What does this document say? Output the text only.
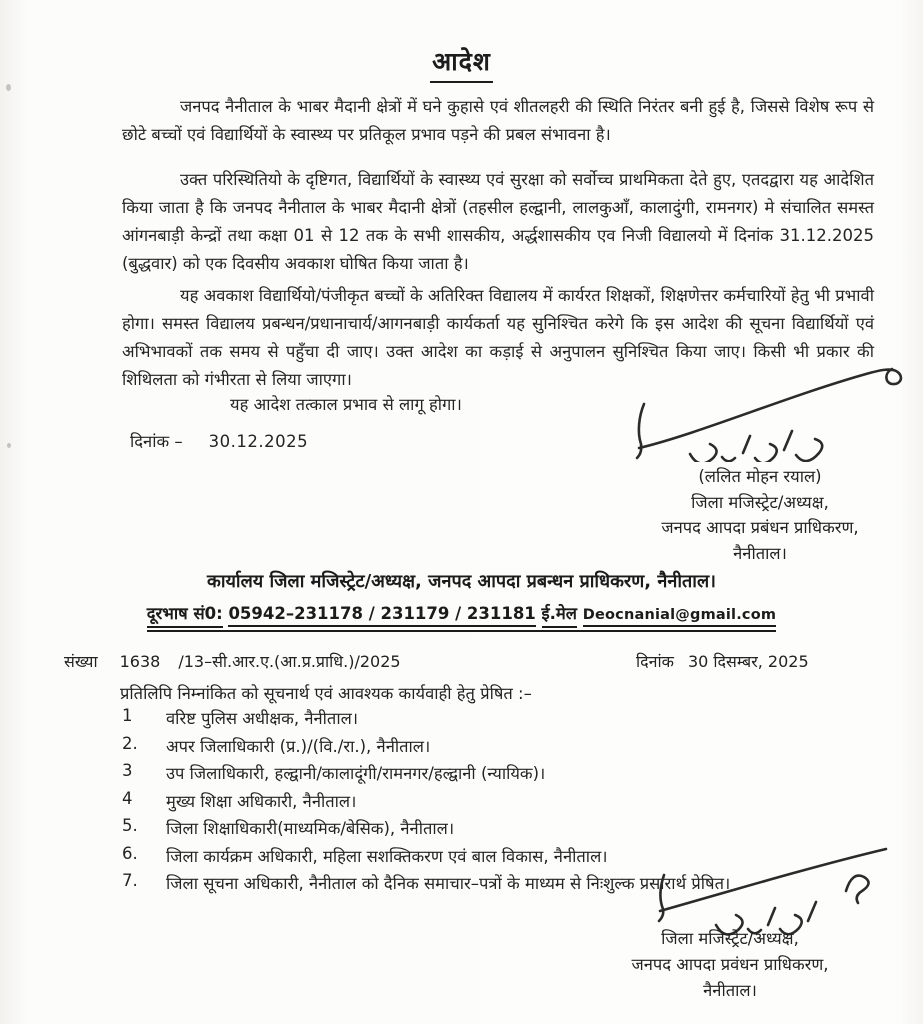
आदेश
जनपद नैनीताल के भाबर मैदानी क्षेत्रों में घने कुहासे एवं शीतलहरी की स्थिति निरंतर बनी हुई है, जिससे विशेष रूप से छोटे बच्चों एवं विद्यार्थियों के स्वास्थ्य पर प्रतिकूल प्रभाव पड़ने की प्रबल संभावना है।
उक्त परिस्थितियो के दृष्टिगत, विद्यार्थियों के स्वास्थ्य एवं सुरक्षा को सर्वोच्च प्राथमिकता देते हुए, एतदद्वारा यह आदेशित किया जाता है कि जनपद नैनीताल के भाबर मैदानी क्षेत्रों (तहसील हल्द्वानी, लालकुआँ, कालादुंगी, रामनगर) मे संचालित समस्त आंगनबाड़ी केन्द्रों तथा कक्षा 01 से 12 तक के सभी शासकीय, अर्द्धशासकीय एव निजी विद्यालयो में दिनांक 31.12.2025 (बुद्धवार) को एक दिवसीय अवकाश घोषित किया जाता है।
यह अवकाश विद्यार्थियो/पंजीकृत बच्चों के अतिरिक्त विद्यालय में कार्यरत शिक्षकों, शिक्षणेत्तर कर्मचारियों हेतु भी प्रभावी होगा। समस्त विद्यालय प्रबन्धन/प्रधानाचार्य/आगनबाड़ी कार्यकर्ता यह सुनिश्चित करेगे कि इस आदेश की सूचना विद्यार्थियों एवं अभिभावकों तक समय से पहुँचा दी जाए। उक्त आदेश का कड़ाई से अनुपालन सुनिश्चित किया जाए। किसी भी प्रकार की शिथिलता को गंभीरता से लिया जाएगा।
यह आदेश तत्काल प्रभाव से लागू होगा।
दिनांक – 30.12.2025
(ललित मोहन रयाल)
जिला मजिस्ट्रेट/अध्यक्ष,
जनपद आपदा प्रबंधन प्राधिकरण,
नैनीताल।
कार्यालय जिला मजिस्ट्रेट/अध्यक्ष, जनपद आपदा प्रबन्धन प्राधिकरण, नैनीताल।
दूरभाष सं0: 05942–231178 / 231179 / 231181 ई.मेल Deocnanial@gmail.com
संख्या 1638 /13–सी.आर.ए.(आ.प्र.प्राधि.)/2025	दिनांक 30 दिसम्बर, 2025
प्रतिलिपि निम्नांकित को सूचनार्थ एवं आवश्यक कार्यवाही हेतु प्रेषित :–
1	वरिष्ट पुलिस अधीक्षक, नैनीताल।
2.	अपर जिलाधिकारी (प्र.)/(वि./रा.), नैनीताल।
3	उप जिलाधिकारी, हल्द्वानी/कालादूंगी/रामनगर/हल्द्वानी (न्यायिक)।
4	मुख्य शिक्षा अधिकारी, नैनीताल।
5.	जिला शिक्षाधिकारी(माध्यमिक/बेसिक), नैनीताल।
6.	जिला कार्यक्रम अधिकारी, महिला सशक्तिकरण एवं बाल विकास, नैनीताल।
7.	जिला सूचना अधिकारी, नैनीताल को दैनिक समाचार–पत्रों के माध्यम से निःशुल्क प्रसारार्थ प्रेषित।
जिला मजिस्ट्रेट/अध्यक्ष,
जनपद आपदा प्रवंधन प्राधिकरण,
नैनीताल।
